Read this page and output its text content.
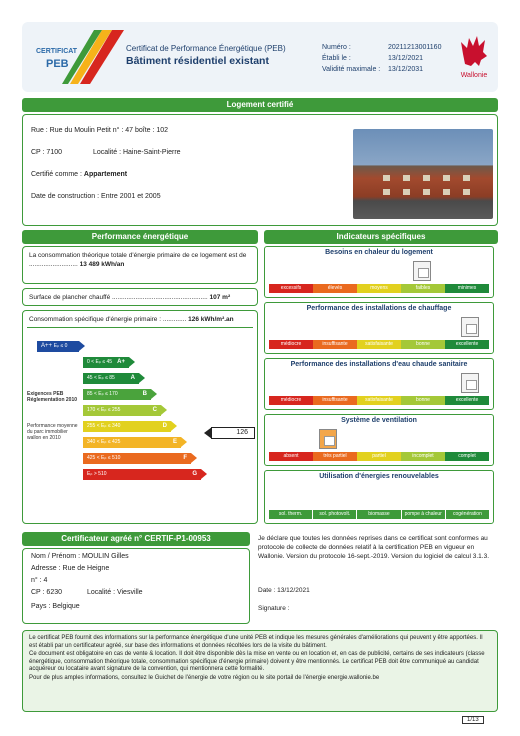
CERTIFICAT
PEB
Certificat de Performance Énergétique (PEB)
Bâtiment résidentiel existant
Numéro :	20211213001160
Établi le :	13/12/2021
Validité maximale : 13/12/2031
Wallonie
Logement certifié
Rue : Rue du Moulin Petit n° : 47 boîte : 102
CP : 7100	Localité : Haine-Saint-Pierre
Certifié comme : Appartement
Date de construction : Entre 2001 et 2005
Performance énergétique
La consommation théorique totale d'énergie primaire de ce logement est de ........................... 13 489 kWh/an
Surface de plancher chauffé ..................................................... 107 m²
Consommation spécifique d'énergie primaire : ............. 126 kWh/m².an
A++ Eₚ ≤ 0
0 < Eₚ ≤ 45 A+
45 < Eₚ ≤ 85	A
85 < Eₚ ≤ 170	B
170 < Eₚ ≤ 255	C
255 < Eₚ ≤ 340	D
340 < Eₚ ≤ 425	E
425 < Eₚ ≤ 510	F
Eₚ > 510	G
Exigences PEB Réglementation 2010
Performance moyenne du parc immobilier wallon en 2010
126
Indicateurs spécifiques
Besoins en chaleur du logement
excessifs	élevés	moyens	faibles	minimes
Performance des installations de chauffage
médiocre	insuffisante	satisfaisante	bonne	excellente
Performance des installations d'eau chaude sanitaire
médiocre	insuffisante	satisfaisante	bonne	excellente
Système de ventilation
absent	très partiel	partiel	incomplet	complet
Utilisation d'énergies renouvelables
sol. therm.	sol. photovolt.	biomasse	pompe à chaleur	cogénération
Certificateur agréé n° CERTIF-P1-00953
Nom / Prénom : MOULIN Gilles
Adresse : Rue de Heigne
n° : 4
CP : 6230	Localité : Viesville
Pays : Belgique
Je déclare que toutes les données reprises dans ce certificat sont conformes au protocole de collecte de données relatif à la certification PEB en vigueur en Wallonie. Version du protocole 16-sept.-2019. Version du logiciel de calcul 3.1.3.
Date : 13/12/2021
Signature :

Le certificat PEB fournit des informations sur la performance énergétique d'une unité PEB et indique les mesures générales d'améliorations qui peuvent y être apportées. Il est établi par un certificateur agréé, sur base des informations et données récoltées lors de la visite du bâtiment.

Ce document est obligatoire en cas de vente & location. Il doit être disponible dès la mise en vente ou en location et, en cas de publicité, certains de ses indicateurs (classe énergétique, consommation théorique totale, consommation spécifique d'énergie primaire) doivent y être mentionnés. Le certificat PEB doit être communiqué au candidat acquéreur ou locataire avant signature de la convention, qui mentionnera cette formalité.

Pour de plus amples informations, consultez le Guichet de l'énergie de votre région ou le site portail de l'énergie energie.wallonie.be

1/13
